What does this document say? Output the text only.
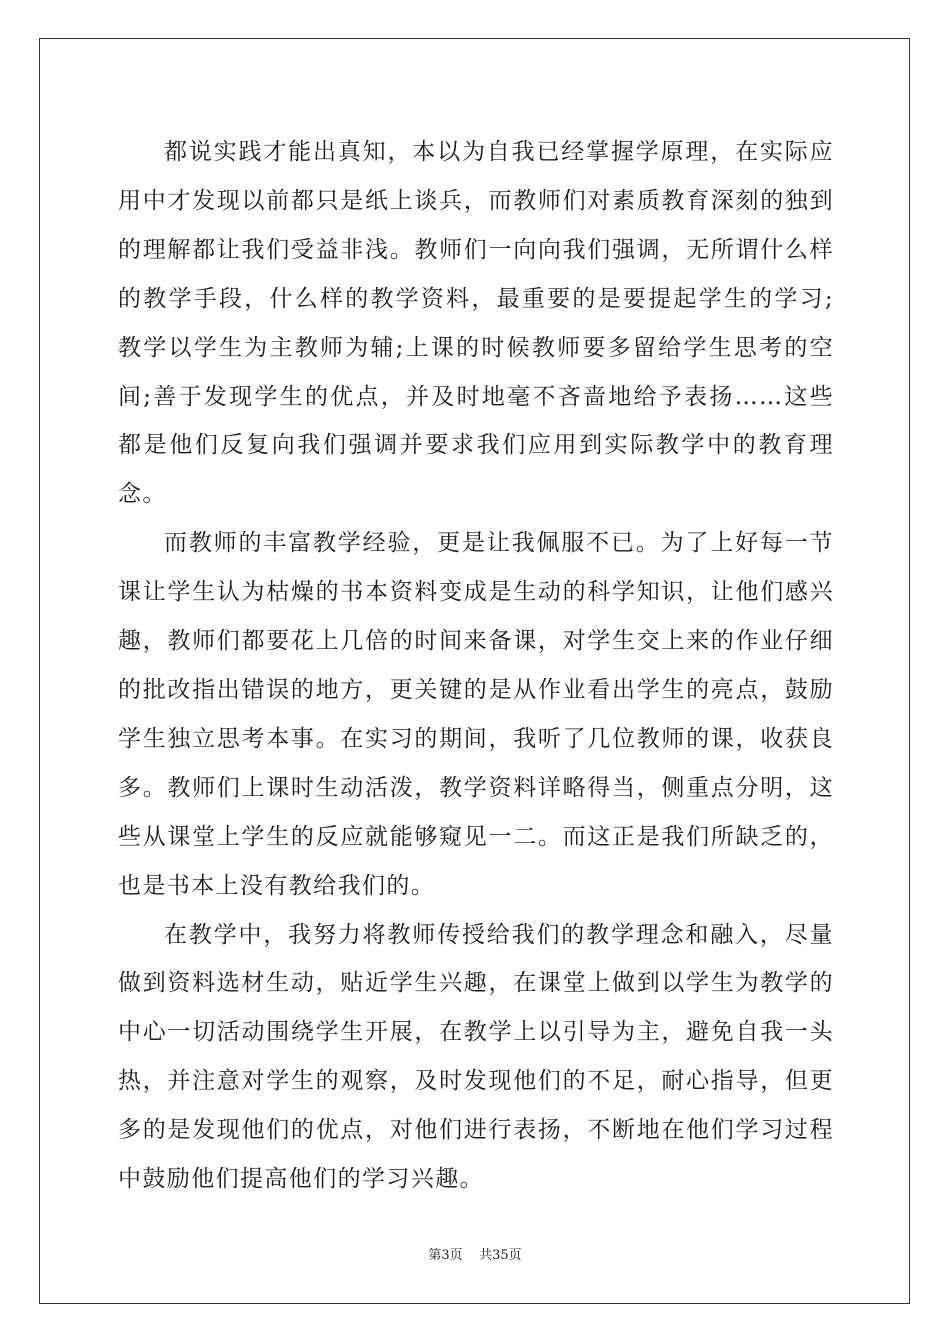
都说实践才能出真知，本以为自我已经掌握学原理，在实际应用中才发现以前都只是纸上谈兵，而教师们对素质教育深刻的独到的理解都让我们受益非浅。教师们一向向我们强调，无所谓什么样的教学手段，什么样的教学资料，最重要的是要提起学生的学习;教学以学生为主教师为辅;上课的时候教师要多留给学生思考的空间;善于发现学生的优点，并及时地毫不吝啬地给予表扬……这些都是他们反复向我们强调并要求我们应用到实际教学中的教育理念。

而教师的丰富教学经验，更是让我佩服不已。为了上好每一节课让学生认为枯燥的书本资料变成是生动的科学知识，让他们感兴趣，教师们都要花上几倍的时间来备课，对学生交上来的作业仔细的批改指出错误的地方，更关键的是从作业看出学生的亮点，鼓励学生独立思考本事。在实习的期间，我听了几位教师的课，收获良多。教师们上课时生动活泼，教学资料详略得当，侧重点分明，这些从课堂上学生的反应就能够窥见一二。而这正是我们所缺乏的，也是书本上没有教给我们的。

在教学中，我努力将教师传授给我们的教学理念和融入，尽量做到资料选材生动，贴近学生兴趣，在课堂上做到以学生为教学的中心一切活动围绕学生开展，在教学上以引导为主，避免自我一头热，并注意对学生的观察，及时发现他们的不足，耐心指导，但更多的是发现他们的优点，对他们进行表扬，不断地在他们学习过程中鼓励他们提高他们的学习兴趣。

第3页 共35页
